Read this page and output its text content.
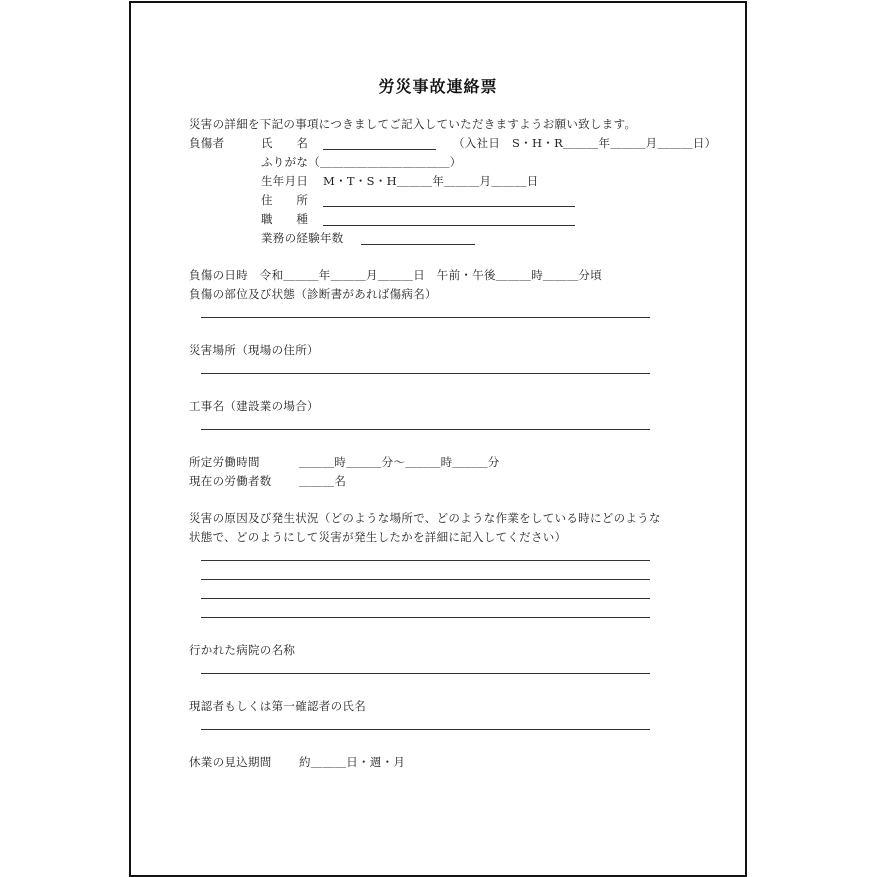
労災事故連絡票
災害の詳細を下記の事項につきましてご記入していただきますようお願い致します。
負傷者	氏　　名	（入社日　S・H・R＿＿＿年＿＿＿月＿＿＿日）
ふりがな（＿＿＿＿＿＿＿＿＿＿＿）
生年月日 M・T・S・H＿＿＿年＿＿＿月＿＿＿日
住　　所
職　　種
業務の経験年数
負傷の日時　令和＿＿＿年＿＿＿月＿＿＿日　午前・午後＿＿＿時＿＿＿分頃
負傷の部位及び状態（診断書があれば傷病名）
災害場所（現場の住所）
工事名（建設業の場合）
所定労働時間	＿＿＿時＿＿＿分～＿＿＿時＿＿＿分
現在の労働者数 ＿＿＿名
災害の原因及び発生状況（どのような場所で、どのような作業をしている時にどのような
状態で、どのようにして災害が発生したかを詳細に記入してください）
行かれた病院の名称
現認者もしくは第一確認者の氏名
休業の見込期間 約＿＿＿日・週・月
